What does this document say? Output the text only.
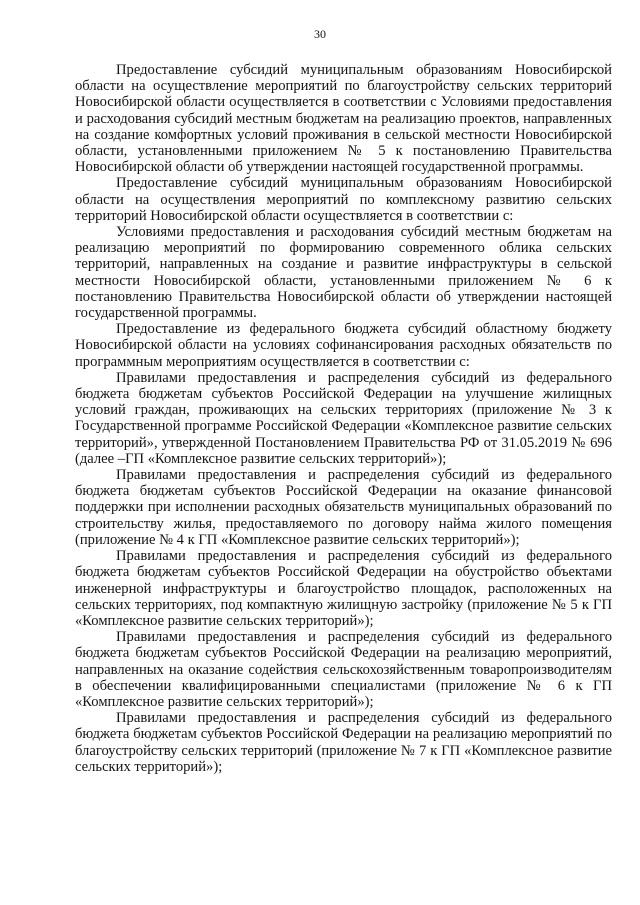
30

Предоставление субсидий муниципальным образованиям Новосибирской области на осуществление мероприятий по благоустройству сельских территорий Новосибирской области осуществляется в соответствии с Условиями предоставления и расходования субсидий местным бюджетам на реализацию проектов, направленных на создание комфортных условий проживания в сельской местности Новосибирской области, установленными приложением № 5 к постановлению Правительства Новосибирской области об утверждении настоящей государственной программы.

Предоставление субсидий муниципальным образованиям Новосибирской области на осуществления мероприятий по комплексному развитию сельских территорий Новосибирской области осуществляется в соответствии с:

Условиями предоставления и расходования субсидий местным бюджетам на реализацию мероприятий по формированию современного облика сельских территорий, направленных на создание и развитие инфраструктуры в сельской местности Новосибирской области, установленными приложением № 6 к постановлению Правительства Новосибирской области об утверждении настоящей государственной программы.

Предоставление из федерального бюджета субсидий областному бюджету Новосибирской области на условиях софинансирования расходных обязательств по программным мероприятиям осуществляется в соответствии с:

Правилами предоставления и распределения субсидий из федерального бюджета бюджетам субъектов Российской Федерации на улучшение жилищных условий граждан, проживающих на сельских территориях (приложение № 3 к Государственной программе Российской Федерации «Комплексное развитие сельских территорий», утвержденной Постановлением Правительства РФ от 31.05.2019 № 696 (далее –ГП «Комплексное развитие сельских территорий»);

Правилами предоставления и распределения субсидий из федерального бюджета бюджетам субъектов Российской Федерации на оказание финансовой поддержки при исполнении расходных обязательств муниципальных образований по строительству жилья, предоставляемого по договору найма жилого помещения (приложение № 4 к ГП «Комплексное развитие сельских территорий»);

Правилами предоставления и распределения субсидий из федерального бюджета бюджетам субъектов Российской Федерации на обустройство объектами инженерной инфраструктуры и благоустройство площадок, расположенных на сельских территориях, под компактную жилищную застройку (приложение № 5 к ГП «Комплексное развитие сельских территорий»);

Правилами предоставления и распределения субсидий из федерального бюджета бюджетам субъектов Российской Федерации на реализацию мероприятий, направленных на оказание содействия сельскохозяйственным товаропроизводителям в обеспечении квалифицированными специалистами (приложение № 6 к ГП «Комплексное развитие сельских территорий»);

Правилами предоставления и распределения субсидий из федерального бюджета бюджетам субъектов Российской Федерации на реализацию мероприятий по благоустройству сельских территорий (приложение № 7 к ГП «Комплексное развитие сельских территорий»);
